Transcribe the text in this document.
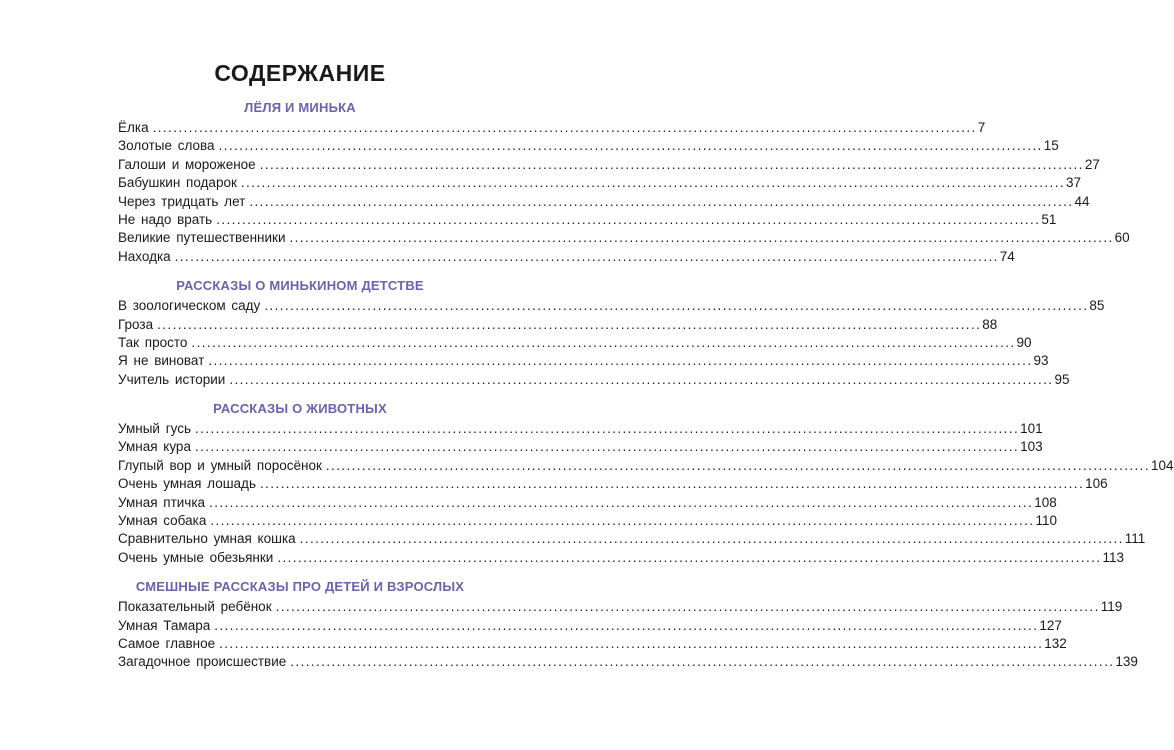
СОДЕРЖАНИЕ
ЛЁЛЯ И МИНЬКА
Ёлка ................................................................................................................................................................ 7
Золотые слова ................................................................................................................................................................ 15
Галоши и мороженое ................................................................................................................................................................ 27
Бабушкин подарок ................................................................................................................................................................ 37
Через тридцать лет ................................................................................................................................................................ 44
Не надо врать ................................................................................................................................................................ 51
Великие путешественники ................................................................................................................................................................ 60
Находка ................................................................................................................................................................ 74
РАССКАЗЫ О МИНЬКИНОМ ДЕТСТВЕ
В зоологическом саду ................................................................................................................................................................ 85
Гроза ................................................................................................................................................................ 88
Так просто ................................................................................................................................................................ 90
Я не виноват ................................................................................................................................................................ 93
Учитель истории ................................................................................................................................................................ 95
РАССКАЗЫ О ЖИВОТНЫХ
Умный гусь ................................................................................................................................................................ 101
Умная кура ................................................................................................................................................................ 103
Глупый вор и умный поросёнок ................................................................................................................................................................ 104
Очень умная лошадь ................................................................................................................................................................ 106
Умная птичка ................................................................................................................................................................ 108
Умная собака ................................................................................................................................................................ 110
Сравнительно умная кошка ................................................................................................................................................................ 111
Очень умные обезьянки ................................................................................................................................................................ 113
СМЕШНЫЕ РАССКАЗЫ ПРО ДЕТЕЙ И ВЗРОСЛЫХ
Показательный ребёнок ................................................................................................................................................................ 119
Умная Тамара ................................................................................................................................................................ 127
Самое главное ................................................................................................................................................................ 132
Загадочное происшествие ................................................................................................................................................................ 139
